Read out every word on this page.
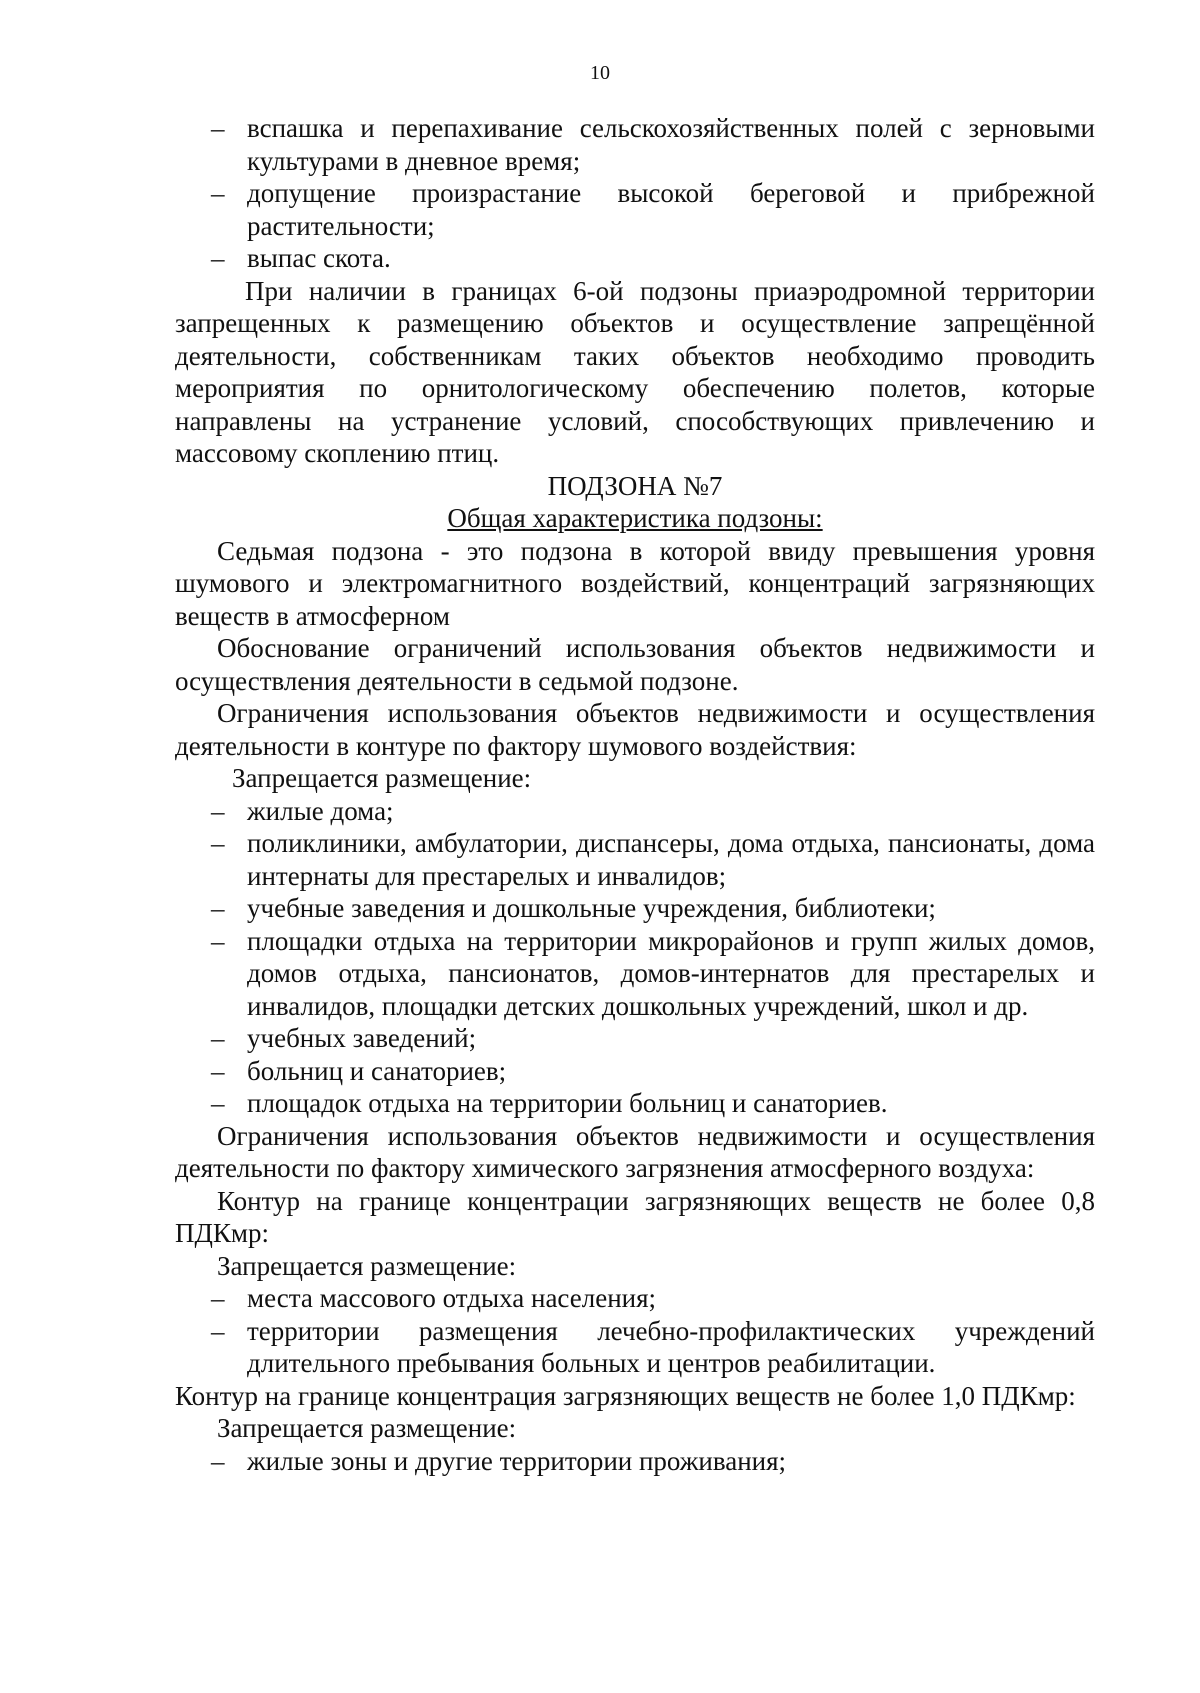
10
– вспашка и перепахивание сельскохозяйственных полей с зерновыми культурами в дневное время;
– допущение произрастание высокой береговой и прибрежной растительности;
– выпас скота.

При наличии в границах 6-ой подзоны приаэродромной территории запрещенных к размещению объектов и осуществление запрещённой деятельности, собственникам таких объектов необходимо проводить мероприятия по орнитологическому обеспечению полетов, которые направлены на устранение условий, способствующих привлечению и массовому скоплению птиц.

ПОДЗОНА №7

Общая характеристика подзоны:

Седьмая подзона - это подзона в которой ввиду превышения уровня шумового и электромагнитного воздействий, концентраций загрязняющих веществ в атмосферном

Обоснование ограничений использования объектов недвижимости и осуществления деятельности в седьмой подзоне.

Ограничения использования объектов недвижимости и осуществления деятельности в контуре по фактору шумового воздействия:

Запрещается размещение:

– жилые дома;
– поликлиники, амбулатории, диспансеры, дома отдыха, пансионаты, дома интернаты для престарелых и инвалидов;
– учебные заведения и дошкольные учреждения, библиотеки;
– площадки отдыха на территории микрорайонов и групп жилых домов, домов отдыха, пансионатов, домов-интернатов для престарелых и инвалидов, площадки детских дошкольных учреждений, школ и др.
– учебных заведений;
– больниц и санаториев;
– площадок отдыха на территории больниц и санаториев.

Ограничения использования объектов недвижимости и осуществления деятельности по фактору химического загрязнения атмосферного воздуха:

Контур на границе концентрации загрязняющих веществ не более 0,8 ПДКмр:

Запрещается размещение:

– места массового отдыха населения;
– территории размещения лечебно-профилактических учреждений длительного пребывания больных и центров реабилитации.

Контур на границе концентрация загрязняющих веществ не более 1,0 ПДКмр:

Запрещается размещение:

– жилые зоны и другие территории проживания;
